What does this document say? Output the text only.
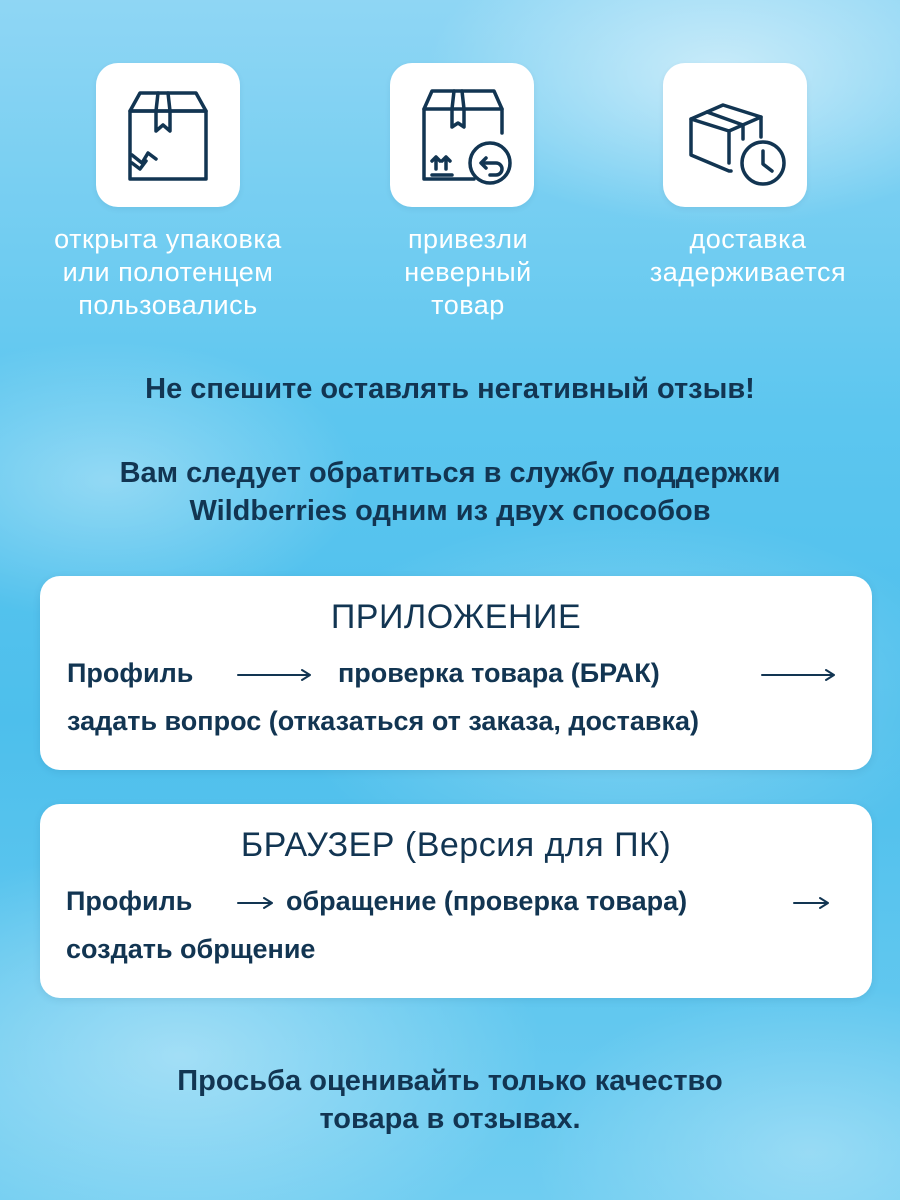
открыта упаковка
или полотенцем
пользовались
привезли
неверный
товар
доставка
задерживается
Не спешите оставлять негативный отзыв!
Вам следует обратиться в службу поддержки
Wildberries одним из двух способов
ПРИЛОЖЕНИЕ
Профиль	проверка товара (БРАК)
задать вопрос (отказаться от заказа, доставка)
БРАУЗЕР (Версия для ПК)
Профиль	обращение (проверка товара)
создать обрщение
Просьба оценивайть только качество
товара в отзывах.
